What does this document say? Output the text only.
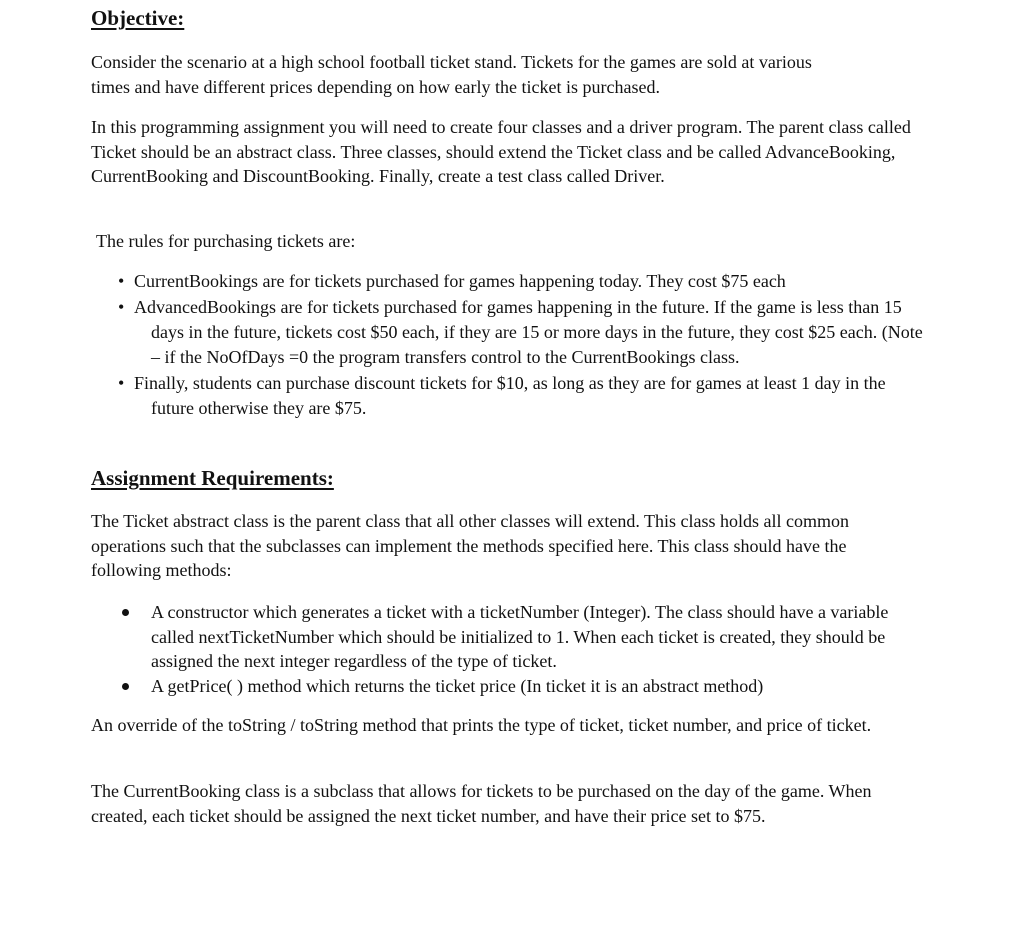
Objective:

Consider the scenario at a high school football ticket stand. Tickets for the games are sold at various times and have different prices depending on how early the ticket is purchased.

In this programming assignment you will need to create four classes and a driver program. The parent class called Ticket should be an abstract class. Three classes, should extend the Ticket class and be called AdvanceBooking, CurrentBooking and DiscountBooking. Finally, create a test class called Driver.

The rules for purchasing tickets are:

• CurrentBookings are for tickets purchased for games happening today. They cost $75 each
• AdvancedBookings are for tickets purchased for games happening in the future. If the game is less than 15 days in the future, tickets cost $50 each, if they are 15 or more days in the future, they cost $25 each. (Note – if the NoOfDays =0 the program transfers control to the CurrentBookings class.
• Finally, students can purchase discount tickets for $10, as long as they are for games at least 1 day in the future otherwise they are $75.
Assignment Requirements:

The Ticket abstract class is the parent class that all other classes will extend. This class holds all common operations such that the subclasses can implement the methods specified here. This class should have the following methods:

A constructor which generates a ticket with a ticketNumber (Integer). The class should have a variable called nextTicketNumber which should be initialized to 1. When each ticket is created, they should be assigned the next integer regardless of the type of ticket.
A getPrice( ) method which returns the ticket price (In ticket it is an abstract method)

An override of the toString / toString method that prints the type of ticket, ticket number, and price of ticket.

The CurrentBooking class is a subclass that allows for tickets to be purchased on the day of the game. When created, each ticket should be assigned the next ticket number, and have their price set to $75.
